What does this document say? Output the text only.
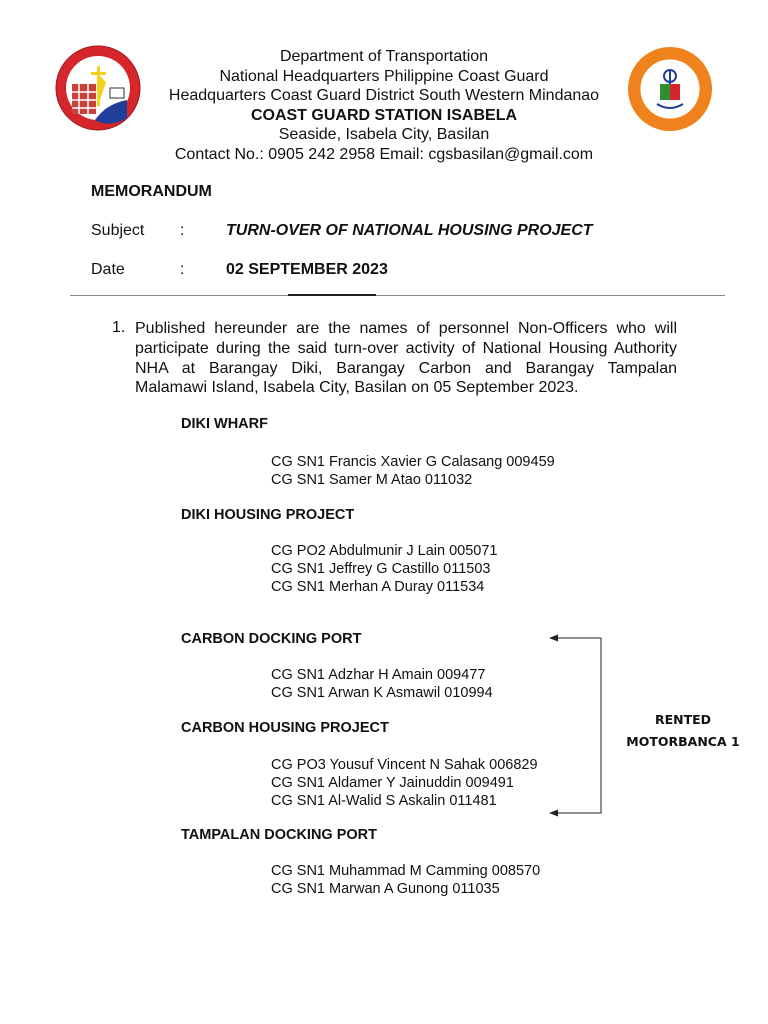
Department of Transportation
National Headquarters Philippine Coast Guard
Headquarters Coast Guard District South Western Mindanao
COAST GUARD STATION ISABELA
Seaside, Isabela City, Basilan
Contact No.: 0905 242 2958 Email: cgsbasilan@gmail.com
MEMORANDUM
Subject :	TURN-OVER OF NATIONAL HOUSING PROJECT
Date	:	02 SEPTEMBER 2023
1. Published hereunder are the names of personnel Non-Officers who will participate during the said turn-over activity of National Housing Authority NHA at Barangay Diki, Barangay Carbon and Barangay Tampalan Malamawi Island, Isabela City, Basilan on 05 September 2023.
DIKI WHARF
CG SN1 Francis Xavier G Calasang 009459
CG SN1 Samer M Atao 011032
DIKI HOUSING PROJECT
CG PO2 Abdulmunir J Lain 005071
CG SN1 Jeffrey G Castillo 011503
CG SN1 Merhan A Duray 011534
CARBON DOCKING PORT
CG SN1 Adzhar H Amain 009477
CG SN1 Arwan K Asmawil 010994
CARBON HOUSING PROJECT
CG PO3 Yousuf Vincent N Sahak 006829
CG SN1 Aldamer Y Jainuddin 009491
CG SN1 Al-Walid S Askalin 011481
TAMPALAN DOCKING PORT
CG SN1 Muhammad M Camming 008570
CG SN1 Marwan A Gunong 011035
RENTED
MOTORBANCA 1
